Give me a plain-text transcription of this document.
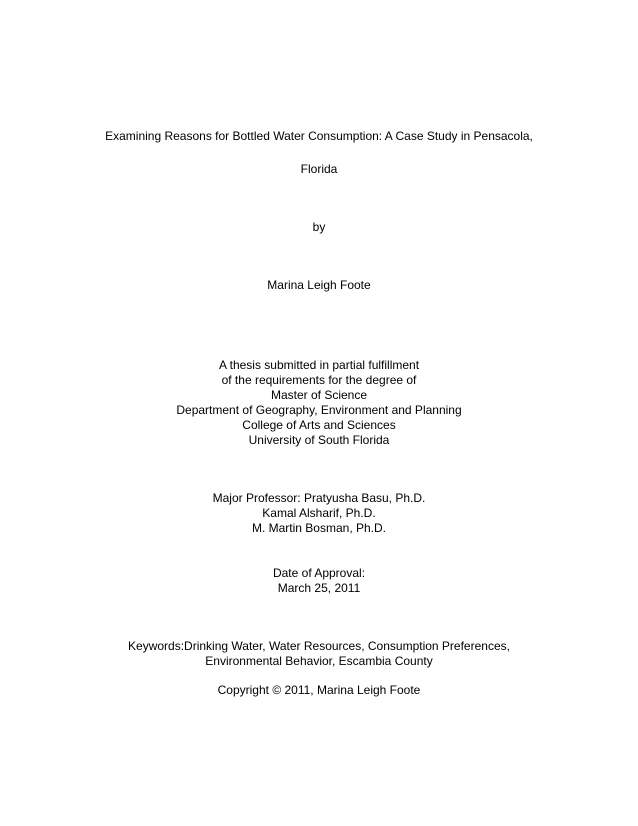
Examining Reasons for Bottled Water Consumption: A Case Study in Pensacola,
Florida
by
Marina Leigh Foote
A thesis submitted in partial fulfillment
of the requirements for the degree of
Master of Science
Department of Geography, Environment and Planning
College of Arts and Sciences
University of South Florida
Major Professor: Pratyusha Basu, Ph.D.
Kamal Alsharif, Ph.D.
M. Martin Bosman, Ph.D.
Date of Approval:
March 25, 2011
Keywords:Drinking Water, Water Resources, Consumption Preferences,
Environmental Behavior, Escambia County
Copyright © 2011, Marina Leigh Foote
